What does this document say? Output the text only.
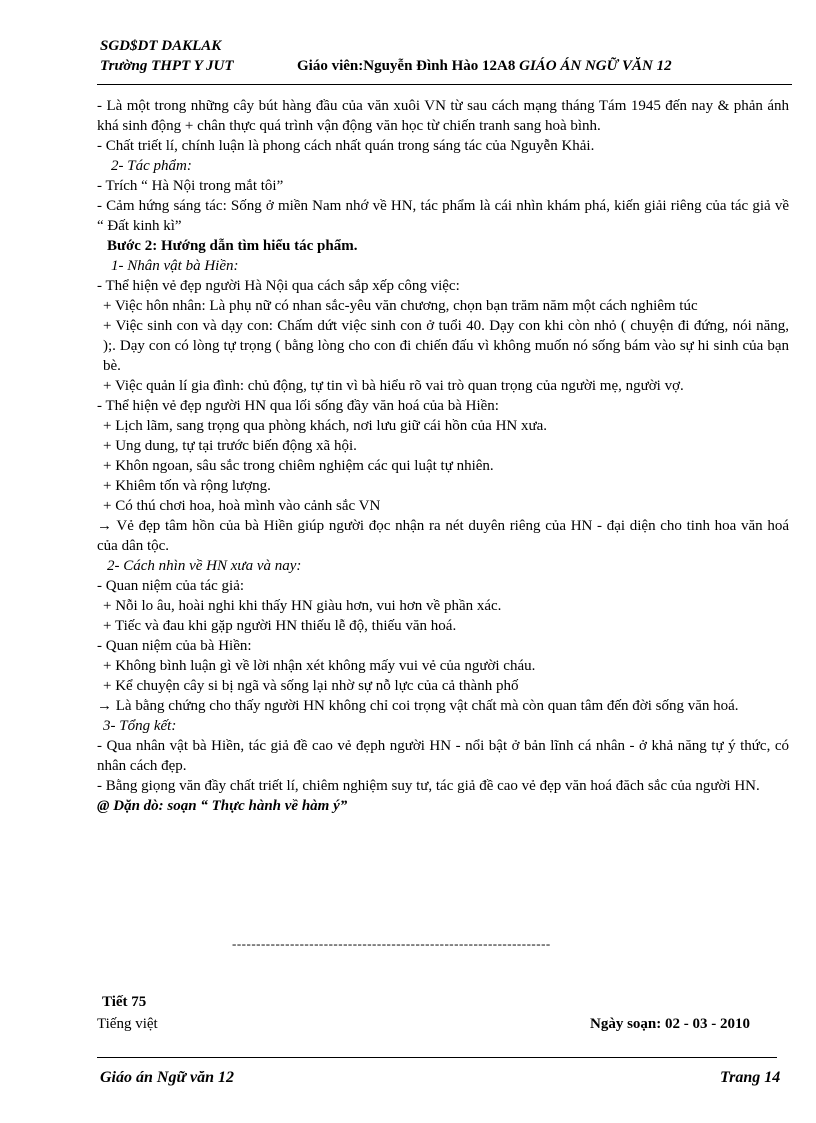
SGD$DT DAKLAK
Trường THPT Y JUT	Giáo viên:Nguyễn Đình Hào 12A8 GIÁO ÁN NGỮ VĂN 12

- Là một trong những cây bút hàng đầu của văn xuôi VN từ sau cách mạng tháng Tám 1945 đến nay & phản ánh khá sinh động + chân thực quá trình vận động văn học từ chiến tranh sang hoà bình.

- Chất triết lí, chính luận là phong cách nhất quán trong sáng tác của Nguyễn Khải.

2- Tác phẩm:

- Trích “ Hà Nội trong mắt tôi”

- Cảm hứng sáng tác: Sống ở miền Nam nhớ về HN, tác phẩm là cái nhìn khám phá, kiến giải riêng của tác giả về “ Đất kinh kì”

Bước 2: Hướng dẫn tìm hiểu tác phẩm.

1- Nhân vật bà Hiền:

- Thể hiện vẻ đẹp người Hà Nội qua cách sắp xếp công việc:

+ Việc hôn nhân: Là phụ nữ có nhan sắc-yêu văn chương, chọn bạn trăm năm một cách nghiêm túc

+ Việc sinh con và dạy con: Chấm dứt việc sinh con ở tuổi 40. Dạy con khi còn nhỏ ( chuyện đi đứng, nói năng, );. Dạy con có lòng tự trọng ( bằng lòng cho con đi chiến đấu vì không muốn nó sống bám vào sự hi sinh của bạn bè.

+ Việc quản lí gia đình: chủ động, tự tin vì bà hiểu rõ vai trò quan trọng của người mẹ, người vợ.

- Thể hiện vẻ đẹp người HN qua lối sống đầy văn hoá của bà Hiền:

+ Lịch lãm, sang trọng qua phòng khách, nơi lưu giữ cái hồn của HN xưa.

+ Ung dung, tự tại trước biến động xã hội.

+ Khôn ngoan, sâu sắc trong chiêm nghiệm các qui luật tự nhiên.

+ Khiêm tốn và rộng lượng.

+ Có thú chơi hoa, hoà mình vào cảnh sắc VN

→ Vẻ đẹp tâm hồn của bà Hiền giúp người đọc nhận ra nét duyên riêng của HN - đại diện cho tinh hoa văn hoá của dân tộc.

2- Cách nhìn về HN xưa và nay:

- Quan niệm của tác giả:

+ Nỗi lo âu, hoài nghi khi thấy HN giàu hơn, vui hơn về phần xác.

+ Tiếc và đau khi gặp người HN thiếu lễ độ, thiếu văn hoá.

- Quan niệm của bà Hiền:

+ Không bình luận gì về lời nhận xét không mấy vui vẻ của người cháu.

+ Kể chuyện cây si bị ngã và sống lại nhờ sự nỗ lực của cả thành phố

→ Là bằng chứng cho thấy người HN không chỉ coi trọng vật chất mà còn quan tâm đến đời sống văn hoá.

3- Tổng kết:

- Qua nhân vật bà Hiền, tác giả đề cao vẻ đẹph người HN - nổi bật ở bản lĩnh cá nhân - ở khả năng tự ý thức, có nhân cách đẹp.

- Bằng giọng văn đầy chất triết lí, chiêm nghiệm suy tư, tác giả đề cao vẻ đẹp văn hoá đăch sắc của người HN.

@ Dặn dò: soạn “ Thực hành về hàm ý”

------------------------------------------------------------------
Tiết 75
Tiếng việt	Ngày soạn: 02 - 03 - 2010
Giáo án Ngữ văn 12	Trang 14
